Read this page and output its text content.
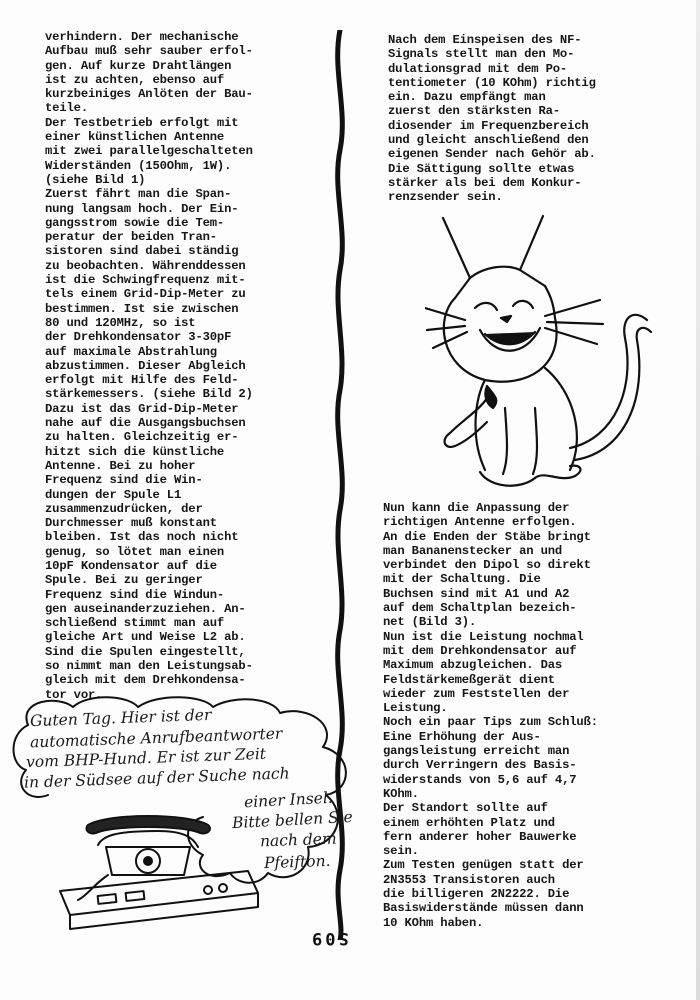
verhindern. Der mechanische
Aufbau muß sehr sauber erfol-
gen. Auf kurze Drahtlängen
ist zu achten, ebenso auf
kurzbeiniges Anlöten der Bau-
teile.
Der Testbetrieb erfolgt mit
einer künstlichen Antenne
mit zwei parallelgeschalteten
Widerständen (150Ohm, 1W).
(siehe Bild 1)
Zuerst fährt man die Span-
nung langsam hoch. Der Ein-
gangsstrom sowie die Tem-
peratur der beiden Tran-
sistoren sind dabei ständig
zu beobachten. Währenddessen
ist die Schwingfrequenz mit-
tels einem Grid-Dip-Meter zu
bestimmen. Ist sie zwischen
80 und 120MHz, so ist
der Drehkondensator 3-30pF
auf maximale Abstrahlung
abzustimmen. Dieser Abgleich
erfolgt mit Hilfe des Feld-
stärkemessers. (siehe Bild 2)
Dazu ist das Grid-Dip-Meter
nahe auf die Ausgangsbuchsen
zu halten. Gleichzeitig er-
hitzt sich die künstliche
Antenne. Bei zu hoher
Frequenz sind die Win-
dungen der Spule L1
zusammenzudrücken, der
Durchmesser muß konstant
bleiben. Ist das noch nicht
genug, so lötet man einen
10pF Kondensator auf die
Spule. Bei zu geringer
Frequenz sind die Windun-
gen auseinanderzuziehen. An-
schließend stimmt man auf
gleiche Art und Weise L2 ab.
Sind die Spulen eingestellt,
so nimmt man den Leistungsab-
gleich mit dem Drehkondensa-
tor vor.
Nach dem Einspeisen des NF-
Signals stellt man den Mo-
dulationsgrad mit dem Po-
tentiometer (10 KOhm) richtig
ein. Dazu empfängt man
zuerst den stärksten Ra-
diosender im Frequenzbereich
und gleicht anschließend den
eigenen Sender nach Gehör ab.
Die Sättigung sollte etwas
stärker als bei dem Konkur-
renzsender sein.
Nun kann die Anpassung der
richtigen Antenne erfolgen.
An die Enden der Stäbe bringt
man Bananenstecker an und
verbindet den Dipol so direkt
mit der Schaltung. Die
Buchsen sind mit A1 und A2
auf dem Schaltplan bezeich-
net (Bild 3).
Nun ist die Leistung nochmal
mit dem Drehkondensator auf
Maximum abzugleichen. Das
Feldstärkemeßgerät dient
wieder zum Feststellen der
Leistung.
Noch ein paar Tips zum Schluß:
Eine Erhöhung der Aus-
gangsleistung erreicht man
durch Verringern des Basis-
widerstands von 5,6 auf 4,7
KOhm.
Der Standort sollte auf
einem erhöhten Platz und
fern anderer hoher Bauwerke
sein.
Zum Testen genügen statt der
2N3553 Transistoren auch
die billigeren 2N2222. Die
Basiswiderstände müssen dann
10 KOhm haben.
Guten Tag. Hier ist der
automatische Anrufbeantworter
vom BHP-Hund. Er ist zur Zeit
in der Südsee auf der Suche nach
einer Insel.
Bitte bellen Sie
nach dem
Pfeifton.
S09
